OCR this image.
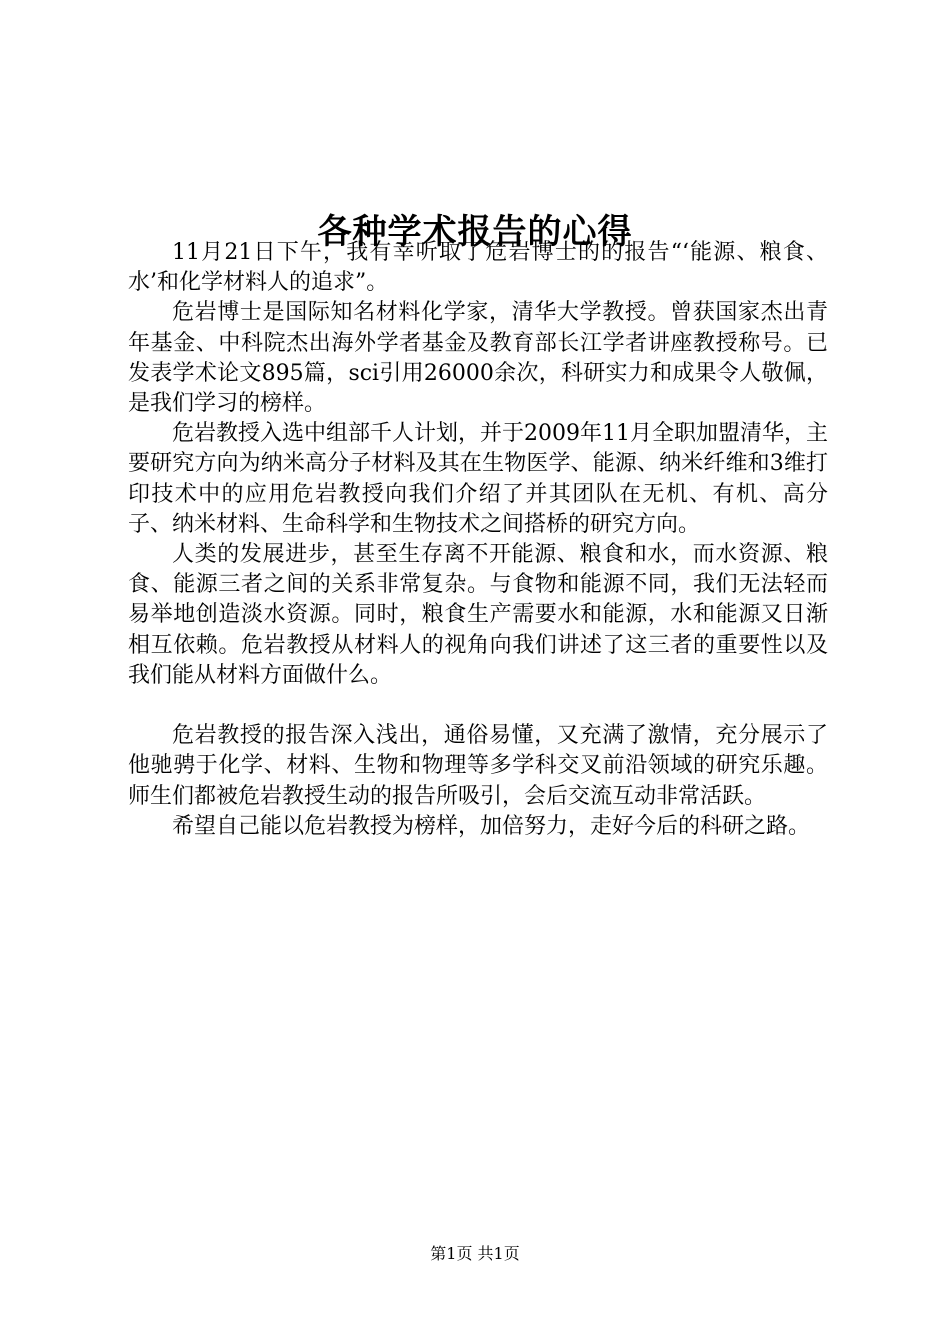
各种学术报告的心得

11月21日下午，我有幸听取了危岩博士的的报告“‘能源、粮食、水’和化学材料人的追求”。

危岩博士是国际知名材料化学家，清华大学教授。曾获国家杰出青年基金、中科院杰出海外学者基金及教育部长江学者讲座教授称号。已发表学术论文895篇，sci引用26000余次，科研实力和成果令人敬佩，是我们学习的榜样。

危岩教授入选中组部千人计划，并于2009年11月全职加盟清华，主要研究方向为纳米高分子材料及其在生物医学、能源、纳米纤维和3维打印技术中的应用危岩教授向我们介绍了并其团队在无机、有机、高分子、纳米材料、生命科学和生物技术之间搭桥的研究方向。

人类的发展进步，甚至生存离不开能源、粮食和水，而水资源、粮食、能源三者之间的关系非常复杂。与食物和能源不同，我们无法轻而易举地创造淡水资源。同时，粮食生产需要水和能源，水和能源又日渐相互依赖。危岩教授从材料人的视角向我们讲述了这三者的重要性以及我们能从材料方面做什么。

危岩教授的报告深入浅出，通俗易懂，又充满了激情，充分展示了他驰骋于化学、材料、生物和物理等多学科交叉前沿领域的研究乐趣。师生们都被危岩教授生动的报告所吸引，会后交流互动非常活跃。

希望自己能以危岩教授为榜样，加倍努力，走好今后的科研之路。

第1页 共1页
